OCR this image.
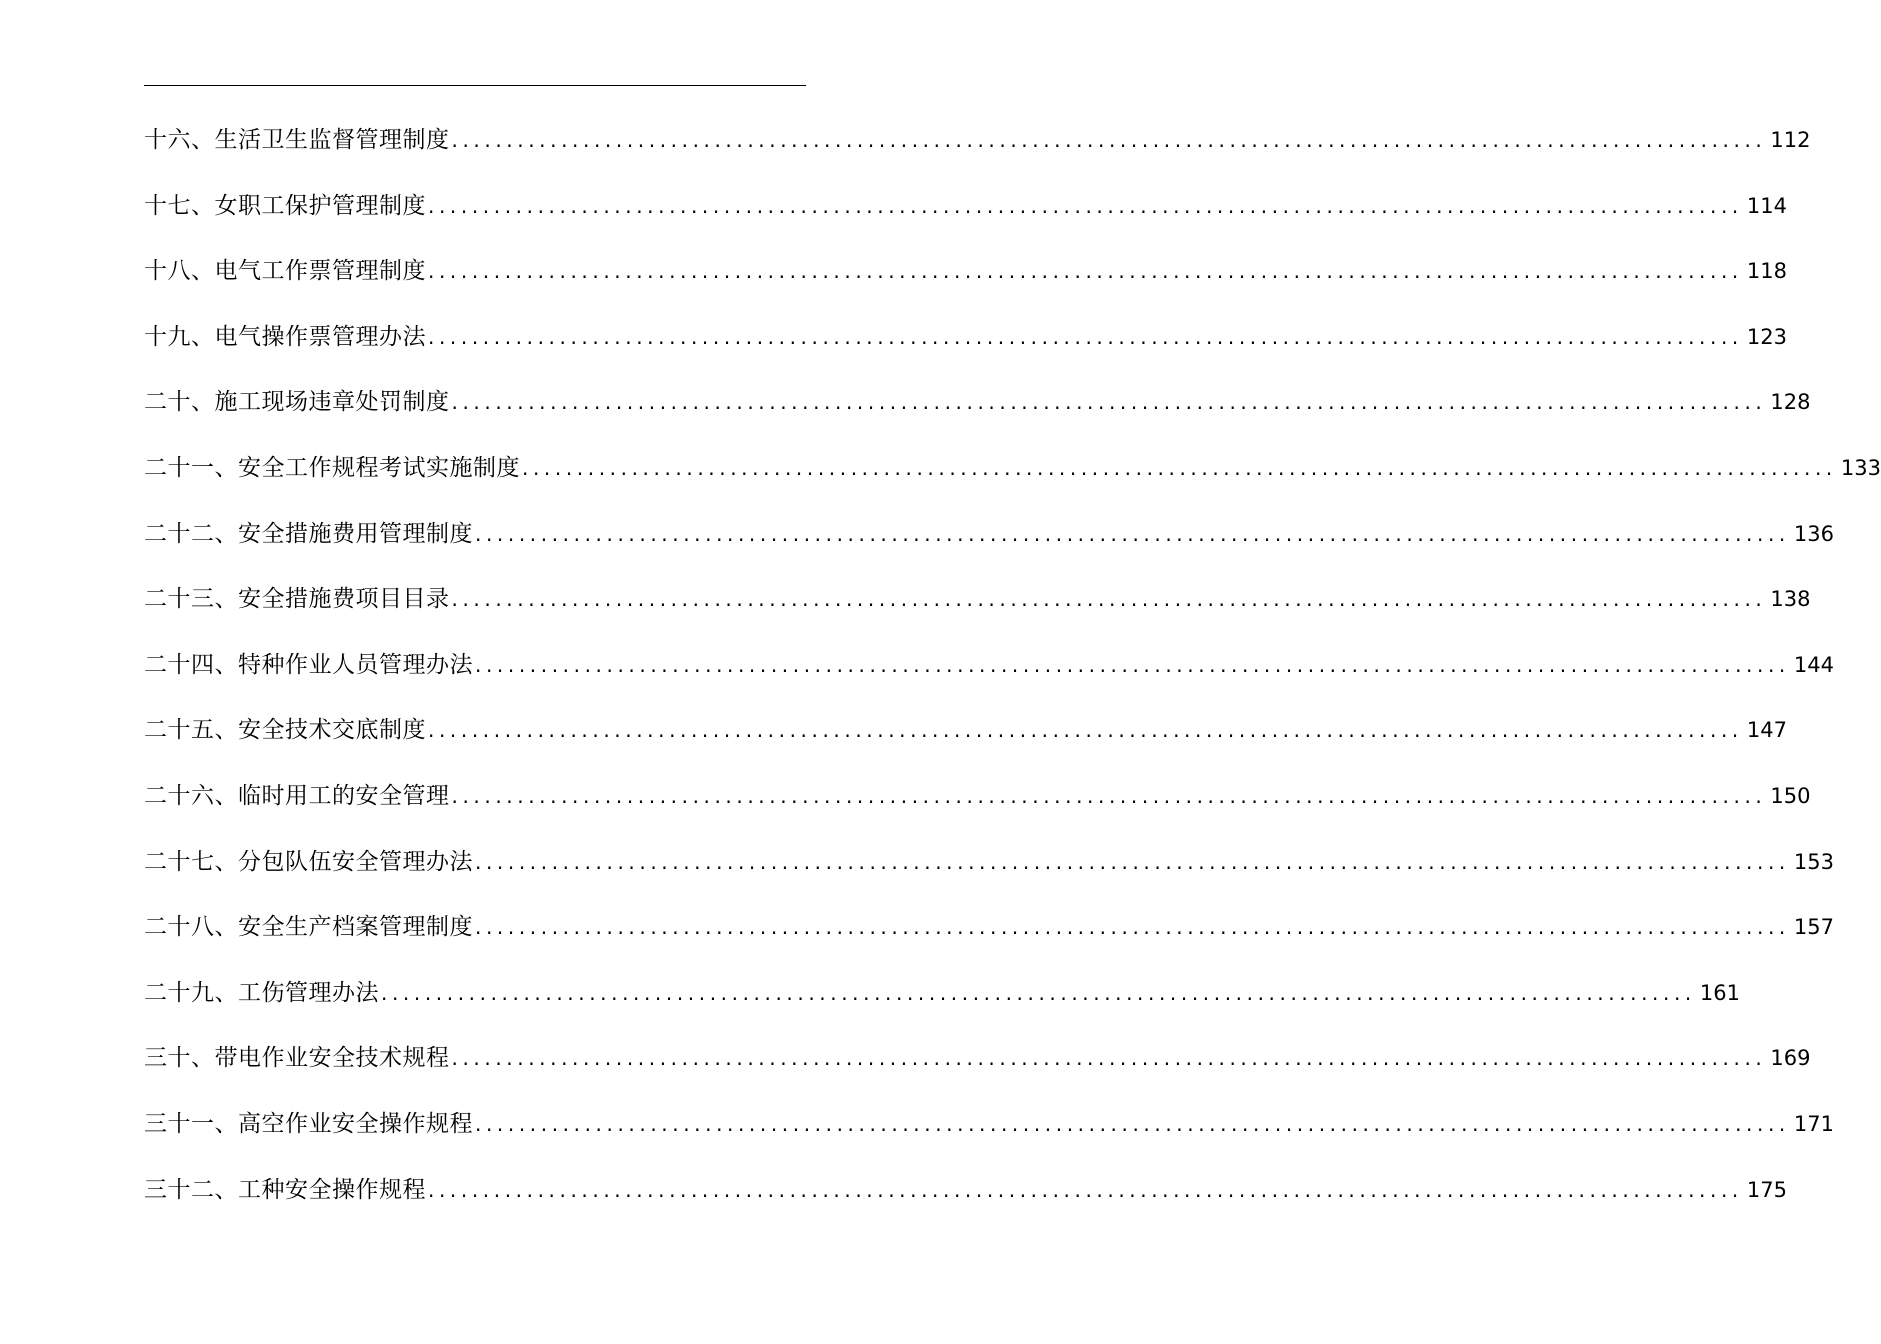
十六、生活卫生监督管理制度 ........................................................................................................................ 112
十七、女职工保护管理制度 ........................................................................................................................ 114
十八、电气工作票管理制度 ........................................................................................................................ 118
十九、电气操作票管理办法 ........................................................................................................................ 123
二十、施工现场违章处罚制度 ........................................................................................................................ 128
二十一、安全工作规程考试实施制度 ........................................................................................................................ 133
二十二、安全措施费用管理制度 ........................................................................................................................ 136
二十三、安全措施费项目目录 ........................................................................................................................ 138
二十四、特种作业人员管理办法 ........................................................................................................................ 144
二十五、安全技术交底制度 ........................................................................................................................ 147
二十六、临时用工的安全管理 ........................................................................................................................ 150
二十七、分包队伍安全管理办法 ........................................................................................................................ 153
二十八、安全生产档案管理制度 ........................................................................................................................ 157
二十九、工伤管理办法 ........................................................................................................................ 161
三十、带电作业安全技术规程 ........................................................................................................................ 169
三十一、高空作业安全操作规程 ........................................................................................................................ 171
三十二、工种安全操作规程 ........................................................................................................................ 175
